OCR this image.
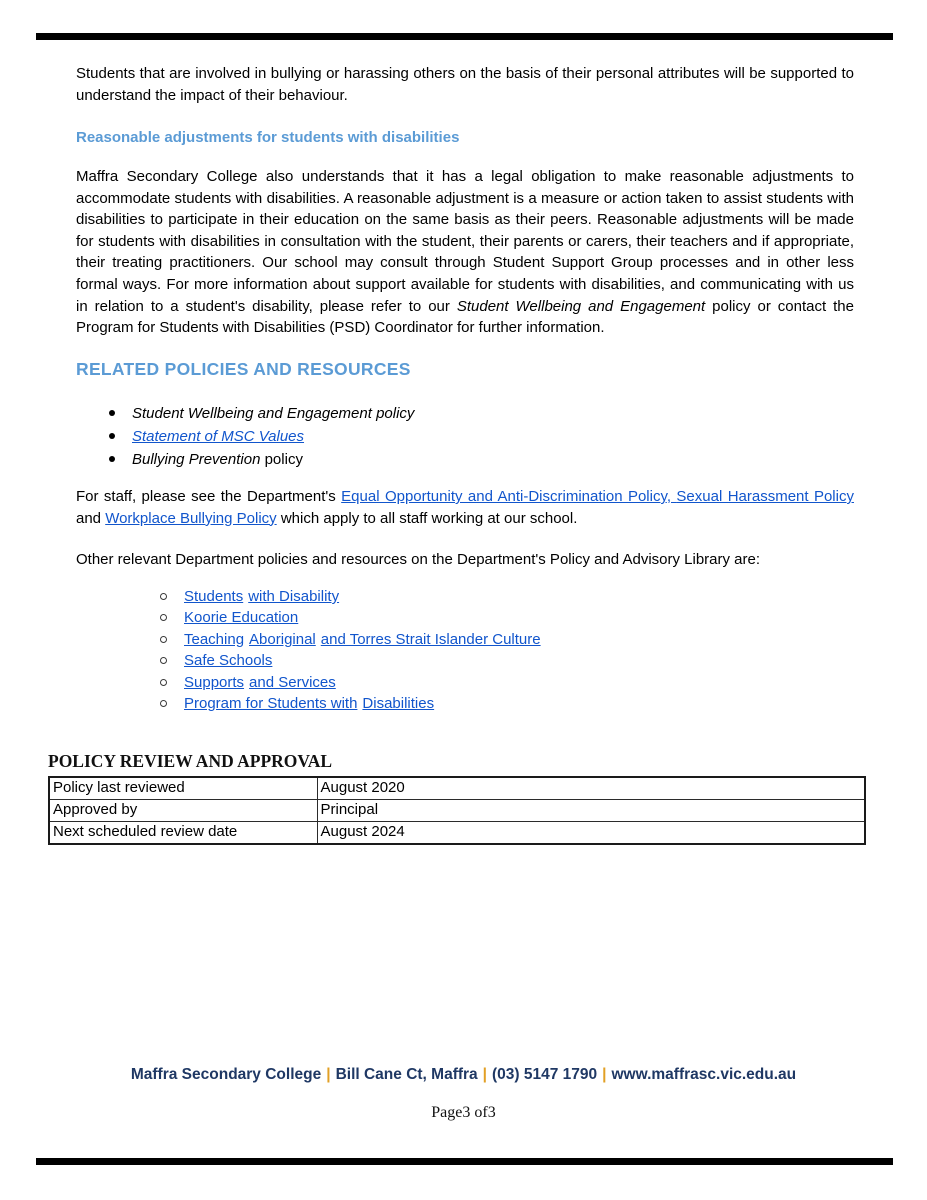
Students that are involved in bullying or harassing others on the basis of their personal attributes will be supported to understand the impact of their behaviour.

Reasonable adjustments for students with disabilities

Maffra Secondary College also understands that it has a legal obligation to make reasonable adjustments to accommodate students with disabilities. A reasonable adjustment is a measure or action taken to assist students with disabilities to participate in their education on the same basis as their peers. Reasonable adjustments will be made for students with disabilities in consultation with the student, their parents or carers, their teachers and if appropriate, their treating practitioners. Our school may consult through Student Support Group processes and in other less formal ways. For more information about support available for students with disabilities, and communicating with us in relation to a student's disability, please refer to our Student Wellbeing and Engagement policy or contact the Program for Students with Disabilities (PSD) Coordinator for further information.

RELATED POLICIES AND RESOURCES
Student Wellbeing and Engagement policy
Statement of MSC Values
Bullying Prevention policy

For staff, please see the Department's Equal Opportunity and Anti-Discrimination Policy, Sexual Harassment Policy and Workplace Bullying Policy which apply to all staff working at our school.

Other relevant Department policies and resources on the Department's Policy and Advisory Library are:

Students with Disability
Koorie Education
Teaching Aboriginal and Torres Strait Islander Culture
Safe Schools
Supports and Services
Program for Students with Disabilities
POLICY REVIEW AND APPROVAL
Policy last reviewed	August 2020
Approved by	Principal
Next scheduled review date	August 2024
Maffra Secondary College | Bill Cane Ct, Maffra | (03) 5147 1790 | www.maffrasc.vic.edu.au
Page3 of3
